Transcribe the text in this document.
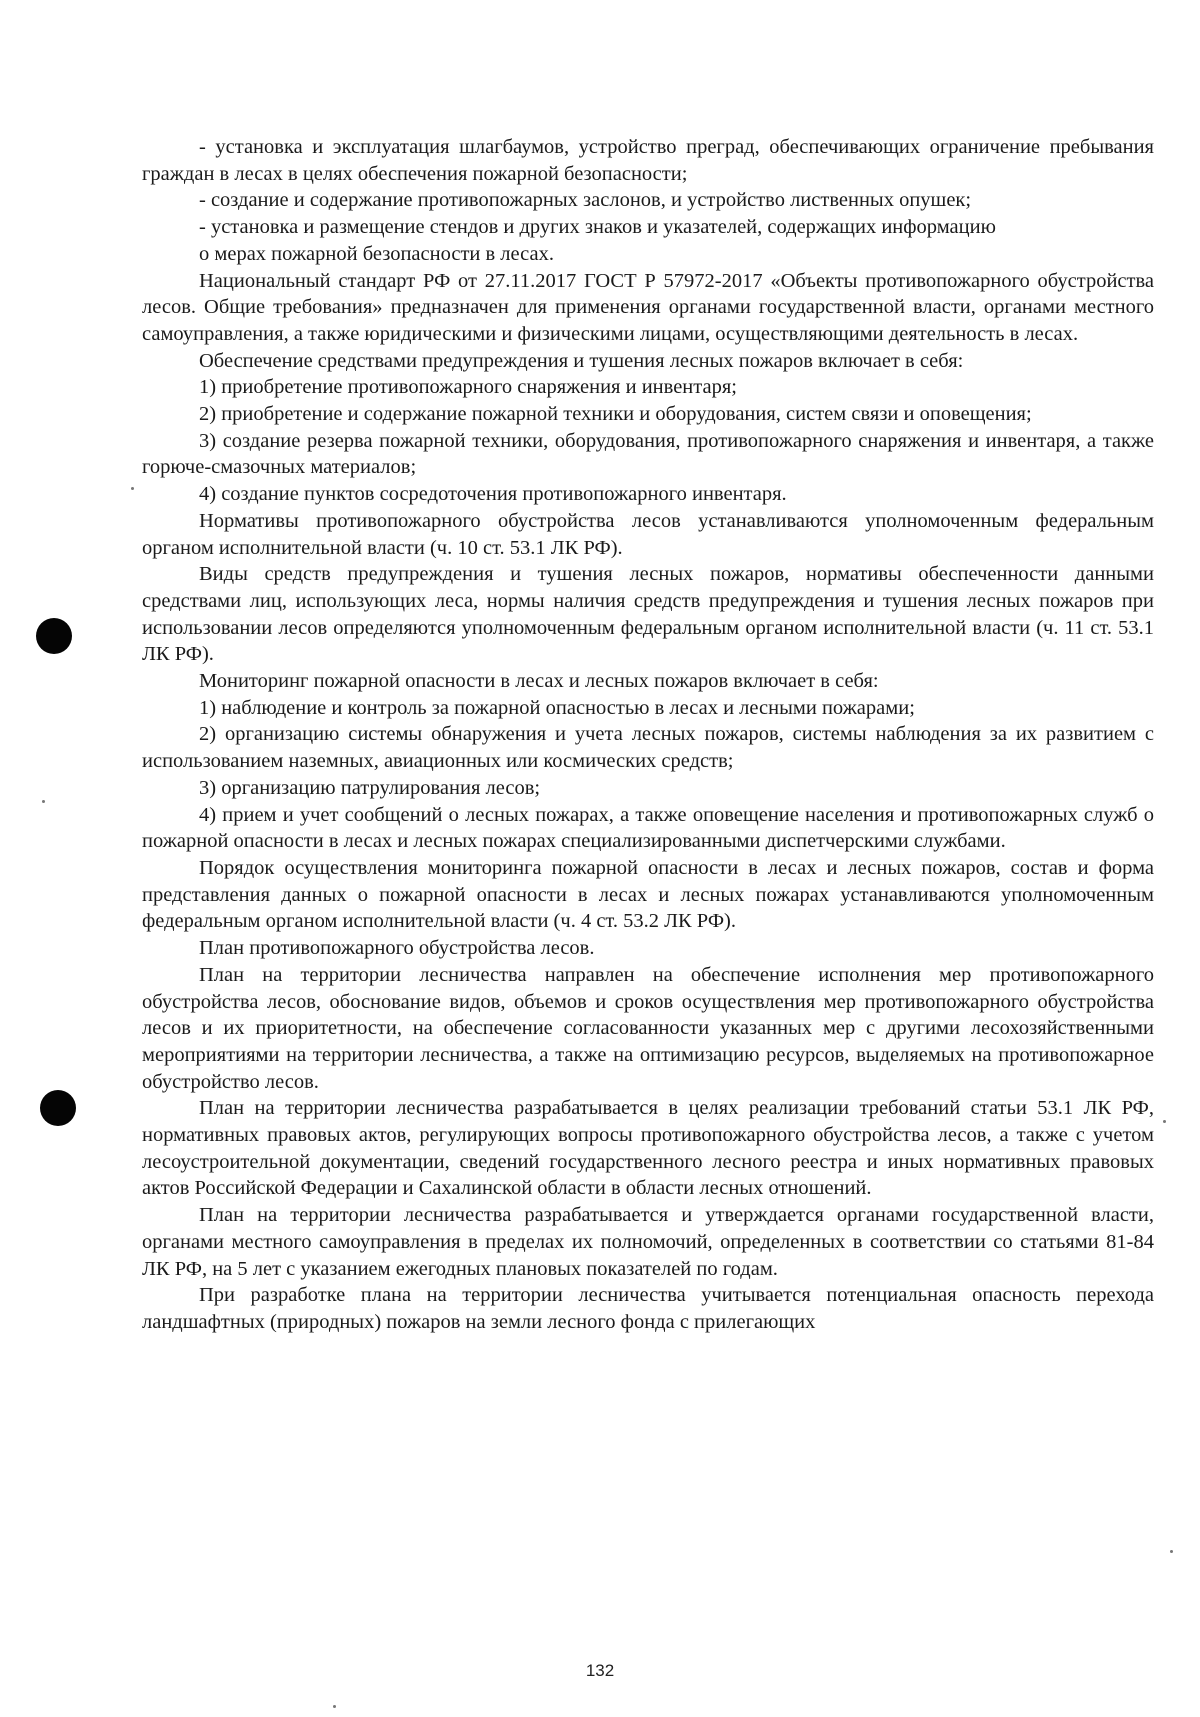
- установка и эксплуатация шлагбаумов, устройство преград, обеспечивающих ограничение пребывания граждан в лесах в целях обеспечения пожарной безопасности;

- создание и содержание противопожарных заслонов, и устройство лиственных опушек;

- установка и размещение стендов и других знаков и указателей, содержащих информацию

о мерах пожарной безопасности в лесах.

Национальный стандарт РФ от 27.11.2017 ГОСТ Р 57972-2017 «Объекты противопожарного обустройства лесов. Общие требования» предназначен для применения органами государственной власти, органами местного самоуправления, а также юридическими и физическими лицами, осуществляющими деятельность в лесах.

Обеспечение средствами предупреждения и тушения лесных пожаров включает в себя:

1) приобретение противопожарного снаряжения и инвентаря;

2) приобретение и содержание пожарной техники и оборудования, систем связи и оповещения;

3) создание резерва пожарной техники, оборудования, противопожарного снаряжения и инвентаря, а также горюче-смазочных материалов;

4) создание пунктов сосредоточения противопожарного инвентаря.

Нормативы противопожарного обустройства лесов устанавливаются уполномоченным федеральным органом исполнительной власти (ч. 10 ст. 53.1 ЛК РФ).

Виды средств предупреждения и тушения лесных пожаров, нормативы обеспеченности данными средствами лиц, использующих леса, нормы наличия средств предупреждения и тушения лесных пожаров при использовании лесов определяются уполномоченным федеральным органом исполнительной власти (ч. 11 ст. 53.1 ЛК РФ).

Мониторинг пожарной опасности в лесах и лесных пожаров включает в себя:

1) наблюдение и контроль за пожарной опасностью в лесах и лесными пожарами;

2) организацию системы обнаружения и учета лесных пожаров, системы наблюдения за их развитием с использованием наземных, авиационных или космических средств;

3) организацию патрулирования лесов;

4) прием и учет сообщений о лесных пожарах, а также оповещение населения и противопожарных служб о пожарной опасности в лесах и лесных пожарах специализированными диспетчерскими службами.

Порядок осуществления мониторинга пожарной опасности в лесах и лесных пожаров, состав и форма представления данных о пожарной опасности в лесах и лесных пожарах устанавливаются уполномоченным федеральным органом исполнительной власти (ч. 4 ст. 53.2 ЛК РФ).

План противопожарного обустройства лесов.

План на территории лесничества направлен на обеспечение исполнения мер противопожарного обустройства лесов, обоснование видов, объемов и сроков осуществления мер противопожарного обустройства лесов и их приоритетности, на обеспечение согласованности указанных мер с другими лесохозяйственными мероприятиями на территории лесничества, а также на оптимизацию ресурсов, выделяемых на противопожарное обустройство лесов.

План на территории лесничества разрабатывается в целях реализации требований статьи 53.1 ЛК РФ, нормативных правовых актов, регулирующих вопросы противопожарного обустройства лесов, а также с учетом лесоустроительной документации, сведений государственного лесного реестра и иных нормативных правовых актов Российской Федерации и Сахалинской области в области лесных отношений.

План на территории лесничества разрабатывается и утверждается органами государственной власти, органами местного самоуправления в пределах их полномочий, определенных в соответствии со статьями 81-84 ЛК РФ, на 5 лет с указанием ежегодных плановых показателей по годам.

При разработке плана на территории лесничества учитывается потенциальная опасность перехода ландшафтных (природных) пожаров на земли лесного фонда с прилегающих

132
